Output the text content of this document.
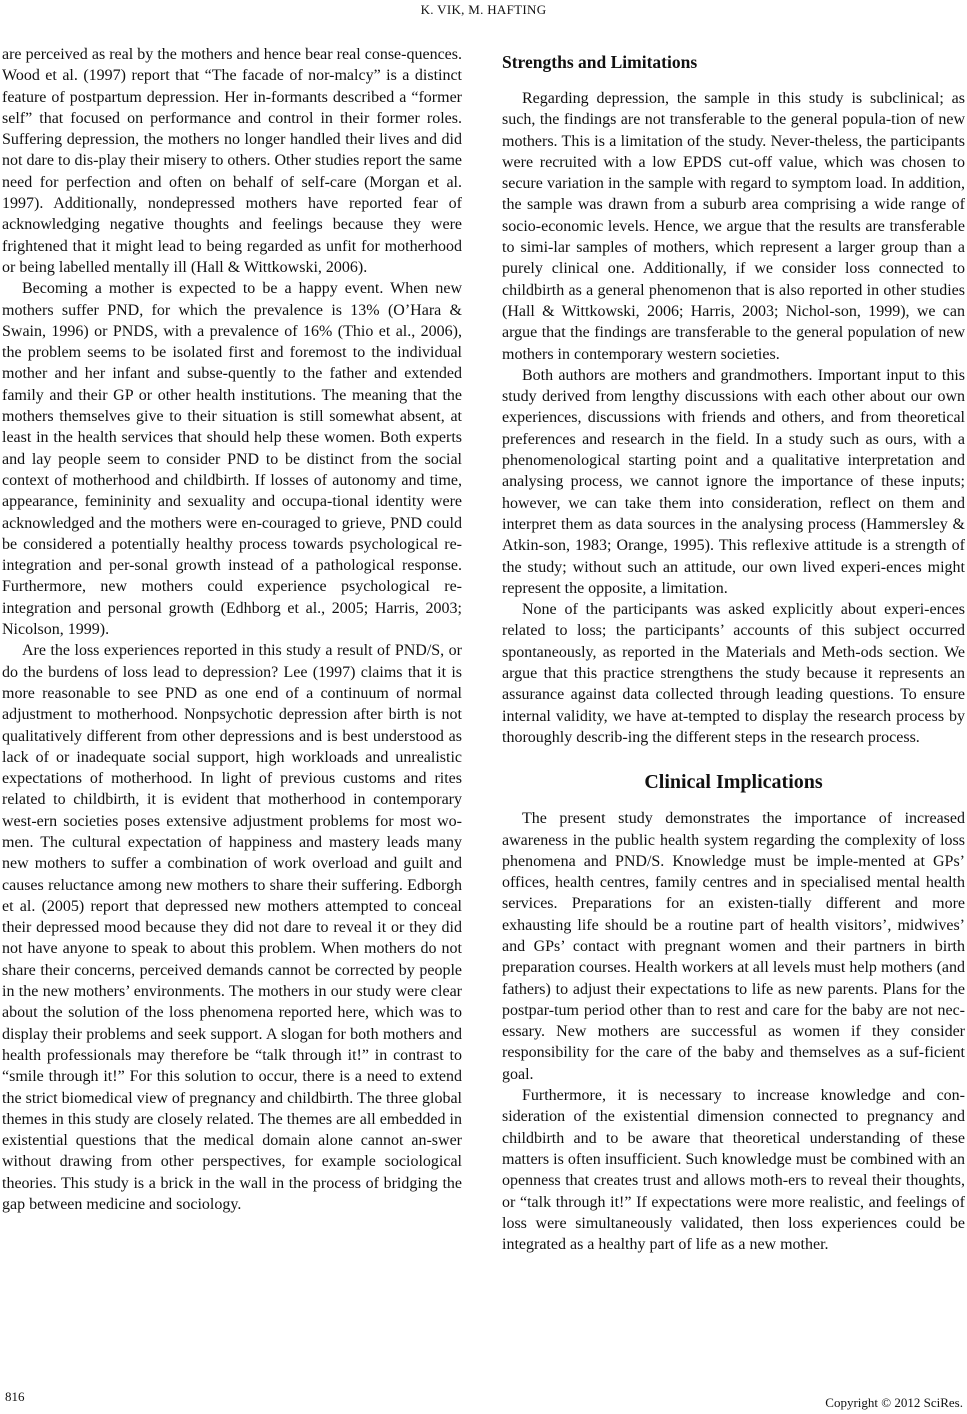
K. VIK, M. HAFTING

are perceived as real by the mothers and hence bear real conse-quences. Wood et al. (1997) report that “The facade of nor-malcy” is a distinct feature of postpartum depression. Her in-formants described a “former self” that focused on performance and control in their former roles. Suffering depression, the mothers no longer handled their lives and did not dare to dis-play their misery to others. Other studies report the same need for perfection and often on behalf of self-care (Morgan et al. 1997). Additionally, nondepressed mothers have reported fear of acknowledging negative thoughts and feelings because they were frightened that it might lead to being regarded as unfit for motherhood or being labelled mentally ill (Hall & Wittkowski, 2006).

Becoming a mother is expected to be a happy event. When new mothers suffer PND, for which the prevalence is 13% (O’Hara & Swain, 1996) or PNDS, with a prevalence of 16% (Thio et al., 2006), the problem seems to be isolated first and foremost to the individual mother and her infant and subse-quently to the father and extended family and their GP or other health institutions. The meaning that the mothers themselves give to their situation is still somewhat absent, at least in the health services that should help these women. Both experts and lay people seem to consider PND to be distinct from the social context of motherhood and childbirth. If losses of autonomy and time, appearance, femininity and sexuality and occupa-tional identity were acknowledged and the mothers were en-couraged to grieve, PND could be considered a potentially healthy process towards psychological re-integration and per-sonal growth instead of a pathological response. Furthermore, new mothers could experience psychological re-integration and personal growth (Edhborg et al., 2005; Harris, 2003; Nicolson, 1999).

Are the loss experiences reported in this study a result of PND/S, or do the burdens of loss lead to depression? Lee (1997) claims that it is more reasonable to see PND as one end of a continuum of normal adjustment to motherhood. Nonpsychotic depression after birth is not qualitatively different from other depressions and is best understood as lack of or inadequate social support, high workloads and unrealistic expectations of motherhood. In light of previous customs and rites related to childbirth, it is evident that motherhood in contemporary west-ern societies poses extensive adjustment problems for most wo-men. The cultural expectation of happiness and mastery leads many new mothers to suffer a combination of work overload and guilt and causes reluctance among new mothers to share their suffering. Edborgh et al. (2005) report that depressed new mothers attempted to conceal their depressed mood because they did not dare to reveal it or they did not have anyone to speak to about this problem. When mothers do not share their concerns, perceived demands cannot be corrected by people in the new mothers’ environments. The mothers in our study were clear about the solution of the loss phenomena reported here, which was to display their problems and seek support. A slogan for both mothers and health professionals may therefore be “talk through it!” in contrast to “smile through it!” For this solution to occur, there is a need to extend the strict biomedical view of pregnancy and childbirth. The three global themes in this study are closely related. The themes are all embedded in existential questions that the medical domain alone cannot an-swer without drawing from other perspectives, for example sociological theories. This study is a brick in the wall in the process of bridging the gap between medicine and sociology.

Strengths and Limitations

Regarding depression, the sample in this study is subclinical; as such, the findings are not transferable to the general popula-tion of new mothers. This is a limitation of the study. Never-theless, the participants were recruited with a low EPDS cut-off value, which was chosen to secure variation in the sample with regard to symptom load. In addition, the sample was drawn from a suburb area comprising a wide range of socio-economic levels. Hence, we argue that the results are transferable to simi-lar samples of mothers, which represent a larger group than a purely clinical one. Additionally, if we consider loss connected to childbirth as a general phenomenon that is also reported in other studies (Hall & Wittkowski, 2006; Harris, 2003; Nichol-son, 1999), we can argue that the findings are transferable to the general population of new mothers in contemporary western societies.

Both authors are mothers and grandmothers. Important input to this study derived from lengthy discussions with each other about our own experiences, discussions with friends and others, and from theoretical preferences and research in the field. In a study such as ours, with a phenomenological starting point and a qualitative interpretation and analysing process, we cannot ignore the importance of these inputs; however, we can take them into consideration, reflect on them and interpret them as data sources in the analysing process (Hammersley & Atkin-son, 1983; Orange, 1995). This reflexive attitude is a strength of the study; without such an attitude, our own lived experi-ences might represent the opposite, a limitation.

None of the participants was asked explicitly about experi-ences related to loss; the participants’ accounts of this subject occurred spontaneously, as reported in the Materials and Meth-ods section. We argue that this practice strengthens the study because it represents an assurance against data collected through leading questions. To ensure internal validity, we have at-tempted to display the research process by thoroughly describ-ing the different steps in the research process.

Clinical Implications

The present study demonstrates the importance of increased awareness in the public health system regarding the complexity of loss phenomena and PND/S. Knowledge must be imple-mented at GPs’ offices, health centres, family centres and in specialised mental health services. Preparations for an existen-tially different and more exhausting life should be a routine part of health visitors’, midwives’ and GPs’ contact with pregnant women and their partners in birth preparation courses. Health workers at all levels must help mothers (and fathers) to adjust their expectations to life as new parents. Plans for the postpar-tum period other than to rest and care for the baby are not nec-essary. New mothers are successful as women if they consider responsibility for the care of the baby and themselves as a suf-ficient goal.

Furthermore, it is necessary to increase knowledge and con-sideration of the existential dimension connected to pregnancy and childbirth and to be aware that theoretical understanding of these matters is often insufficient. Such knowledge must be combined with an openness that creates trust and allows moth-ers to reveal their thoughts, or “talk through it!” If expectations were more realistic, and feelings of loss were simultaneously validated, then loss experiences could be integrated as a healthy part of life as a new mother.

816	Copyright © 2012 SciRes.
